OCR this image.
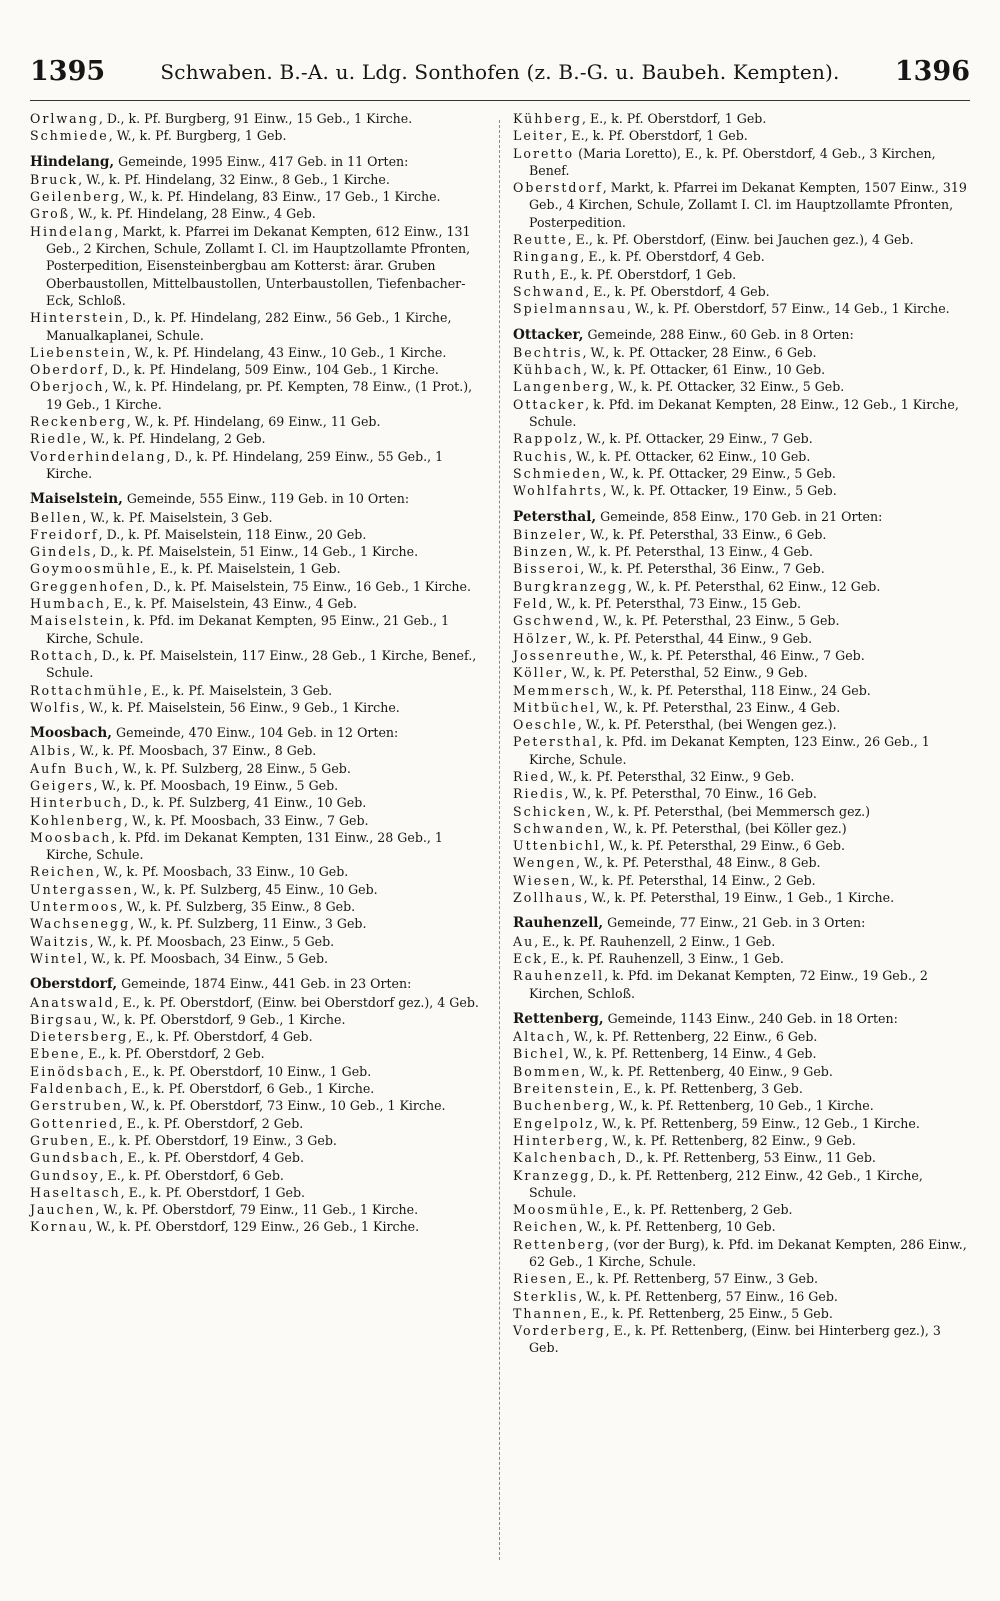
1395	Schwaben. B.-A. u. Ldg. Sonthofen (z. B.-G. u. Baubeh. Kempten).	1396

Orlwang, D., k. Pf. Burgberg, 91 Einw., 15 Geb., 1 Kirche.

Schmiede, W., k. Pf. Burgberg, 1 Geb.

Hindelang, Gemeinde, 1995 Einw., 417 Geb. in 11 Orten:

Bruck, W., k. Pf. Hindelang, 32 Einw., 8 Geb., 1 Kirche.

Geilenberg, W., k. Pf. Hindelang, 83 Einw., 17 Geb., 1 Kirche.

Groß, W., k. Pf. Hindelang, 28 Einw., 4 Geb.

Hindelang, Markt, k. Pfarrei im Dekanat Kempten, 612 Einw., 131 Geb., 2 Kirchen, Schule, Zollamt I. Cl. im Hauptzollamte Pfronten, Posterpedition, Eisensteinbergbau am Kotterst: ärar. Gruben Oberbaustollen, Mittelbaustollen, Unterbaustollen, Tiefenbacher-Eck, Schloß.

Hinterstein, D., k. Pf. Hindelang, 282 Einw., 56 Geb., 1 Kirche, Manualkaplanei, Schule.

Liebenstein, W., k. Pf. Hindelang, 43 Einw., 10 Geb., 1 Kirche.

Oberdorf, D., k. Pf. Hindelang, 509 Einw., 104 Geb., 1 Kirche.

Oberjoch, W., k. Pf. Hindelang, pr. Pf. Kempten, 78 Einw., (1 Prot.), 19 Geb., 1 Kirche.

Reckenberg, W., k. Pf. Hindelang, 69 Einw., 11 Geb.

Riedle, W., k. Pf. Hindelang, 2 Geb.

Vorderhindelang, D., k. Pf. Hindelang, 259 Einw., 55 Geb., 1 Kirche.

Maiselstein, Gemeinde, 555 Einw., 119 Geb. in 10 Orten:

Bellen, W., k. Pf. Maiselstein, 3 Geb.

Freidorf, D., k. Pf. Maiselstein, 118 Einw., 20 Geb.

Gindels, D., k. Pf. Maiselstein, 51 Einw., 14 Geb., 1 Kirche.

Goymoosmühle, E., k. Pf. Maiselstein, 1 Geb.

Greggenhofen, D., k. Pf. Maiselstein, 75 Einw., 16 Geb., 1 Kirche.

Humbach, E., k. Pf. Maiselstein, 43 Einw., 4 Geb.

Maiselstein, k. Pfd. im Dekanat Kempten, 95 Einw., 21 Geb., 1 Kirche, Schule.

Rottach, D., k. Pf. Maiselstein, 117 Einw., 28 Geb., 1 Kirche, Benef., Schule.

Rottachmühle, E., k. Pf. Maiselstein, 3 Geb.

Wolfis, W., k. Pf. Maiselstein, 56 Einw., 9 Geb., 1 Kirche.

Moosbach, Gemeinde, 470 Einw., 104 Geb. in 12 Orten:

Albis, W., k. Pf. Moosbach, 37 Einw., 8 Geb.

Aufn Buch, W., k. Pf. Sulzberg, 28 Einw., 5 Geb.

Geigers, W., k. Pf. Moosbach, 19 Einw., 5 Geb.

Hinterbuch, D., k. Pf. Sulzberg, 41 Einw., 10 Geb.

Kohlenberg, W., k. Pf. Moosbach, 33 Einw., 7 Geb.

Moosbach, k. Pfd. im Dekanat Kempten, 131 Einw., 28 Geb., 1 Kirche, Schule.

Reichen, W., k. Pf. Moosbach, 33 Einw., 10 Geb.

Untergassen, W., k. Pf. Sulzberg, 45 Einw., 10 Geb.

Untermoos, W., k. Pf. Sulzberg, 35 Einw., 8 Geb.

Wachsenegg, W., k. Pf. Sulzberg, 11 Einw., 3 Geb.

Waitzis, W., k. Pf. Moosbach, 23 Einw., 5 Geb.

Wintel, W., k. Pf. Moosbach, 34 Einw., 5 Geb.

Oberstdorf, Gemeinde, 1874 Einw., 441 Geb. in 23 Orten:

Anatswald, E., k. Pf. Oberstdorf, (Einw. bei Oberstdorf gez.), 4 Geb.

Birgsau, W., k. Pf. Oberstdorf, 9 Geb., 1 Kirche.

Dietersberg, E., k. Pf. Oberstdorf, 4 Geb.

Ebene, E., k. Pf. Oberstdorf, 2 Geb.

Einödsbach, E., k. Pf. Oberstdorf, 10 Einw., 1 Geb.

Faldenbach, E., k. Pf. Oberstdorf, 6 Geb., 1 Kirche.

Gerstruben, W., k. Pf. Oberstdorf, 73 Einw., 10 Geb., 1 Kirche.

Gottenried, E., k. Pf. Oberstdorf, 2 Geb.

Gruben, E., k. Pf. Oberstdorf, 19 Einw., 3 Geb.

Gundsbach, E., k. Pf. Oberstdorf, 4 Geb.

Gundsoy, E., k. Pf. Oberstdorf, 6 Geb.

Haseltasch, E., k. Pf. Oberstdorf, 1 Geb.

Jauchen, W., k. Pf. Oberstdorf, 79 Einw., 11 Geb., 1 Kirche.

Kornau, W., k. Pf. Oberstdorf, 129 Einw., 26 Geb., 1 Kirche.

Kühberg, E., k. Pf. Oberstdorf, 1 Geb.

Leiter, E., k. Pf. Oberstdorf, 1 Geb.

Loretto (Maria Loretto), E., k. Pf. Oberstdorf, 4 Geb., 3 Kirchen, Benef.

Oberstdorf, Markt, k. Pfarrei im Dekanat Kempten, 1507 Einw., 319 Geb., 4 Kirchen, Schule, Zollamt I. Cl. im Hauptzollamte Pfronten, Posterpedition.

Reutte, E., k. Pf. Oberstdorf, (Einw. bei Jauchen gez.), 4 Geb.

Ringang, E., k. Pf. Oberstdorf, 4 Geb.

Ruth, E., k. Pf. Oberstdorf, 1 Geb.

Schwand, E., k. Pf. Oberstdorf, 4 Geb.

Spielmannsau, W., k. Pf. Oberstdorf, 57 Einw., 14 Geb., 1 Kirche.

Ottacker, Gemeinde, 288 Einw., 60 Geb. in 8 Orten:

Bechtris, W., k. Pf. Ottacker, 28 Einw., 6 Geb.

Kühbach, W., k. Pf. Ottacker, 61 Einw., 10 Geb.

Langenberg, W., k. Pf. Ottacker, 32 Einw., 5 Geb.

Ottacker, k. Pfd. im Dekanat Kempten, 28 Einw., 12 Geb., 1 Kirche, Schule.

Rappolz, W., k. Pf. Ottacker, 29 Einw., 7 Geb.

Ruchis, W., k. Pf. Ottacker, 62 Einw., 10 Geb.

Schmieden, W., k. Pf. Ottacker, 29 Einw., 5 Geb.

Wohlfahrts, W., k. Pf. Ottacker, 19 Einw., 5 Geb.

Petersthal, Gemeinde, 858 Einw., 170 Geb. in 21 Orten:

Binzeler, W., k. Pf. Petersthal, 33 Einw., 6 Geb.

Binzen, W., k. Pf. Petersthal, 13 Einw., 4 Geb.

Bisseroi, W., k. Pf. Petersthal, 36 Einw., 7 Geb.

Burgkranzegg, W., k. Pf. Petersthal, 62 Einw., 12 Geb.

Feld, W., k. Pf. Petersthal, 73 Einw., 15 Geb.

Gschwend, W., k. Pf. Petersthal, 23 Einw., 5 Geb.

Hölzer, W., k. Pf. Petersthal, 44 Einw., 9 Geb.

Jossenreuthe, W., k. Pf. Petersthal, 46 Einw., 7 Geb.

Köller, W., k. Pf. Petersthal, 52 Einw., 9 Geb.

Memmersch, W., k. Pf. Petersthal, 118 Einw., 24 Geb.

Mitbüchel, W., k. Pf. Petersthal, 23 Einw., 4 Geb.

Oeschle, W., k. Pf. Petersthal, (bei Wengen gez.).

Petersthal, k. Pfd. im Dekanat Kempten, 123 Einw., 26 Geb., 1 Kirche, Schule.

Ried, W., k. Pf. Petersthal, 32 Einw., 9 Geb.

Riedis, W., k. Pf. Petersthal, 70 Einw., 16 Geb.

Schicken, W., k. Pf. Petersthal, (bei Memmersch gez.)

Schwanden, W., k. Pf. Petersthal, (bei Köller gez.)

Uttenbichl, W., k. Pf. Petersthal, 29 Einw., 6 Geb.

Wengen, W., k. Pf. Petersthal, 48 Einw., 8 Geb.

Wiesen, W., k. Pf. Petersthal, 14 Einw., 2 Geb.

Zollhaus, W., k. Pf. Petersthal, 19 Einw., 1 Geb., 1 Kirche.

Rauhenzell, Gemeinde, 77 Einw., 21 Geb. in 3 Orten:

Au, E., k. Pf. Rauhenzell, 2 Einw., 1 Geb.

Eck, E., k. Pf. Rauhenzell, 3 Einw., 1 Geb.

Rauhenzell, k. Pfd. im Dekanat Kempten, 72 Einw., 19 Geb., 2 Kirchen, Schloß.

Rettenberg, Gemeinde, 1143 Einw., 240 Geb. in 18 Orten:

Altach, W., k. Pf. Rettenberg, 22 Einw., 6 Geb.

Bichel, W., k. Pf. Rettenberg, 14 Einw., 4 Geb.

Bommen, W., k. Pf. Rettenberg, 40 Einw., 9 Geb.

Breitenstein, E., k. Pf. Rettenberg, 3 Geb.

Buchenberg, W., k. Pf. Rettenberg, 10 Geb., 1 Kirche.

Engelpolz, W., k. Pf. Rettenberg, 59 Einw., 12 Geb., 1 Kirche.

Hinterberg, W., k. Pf. Rettenberg, 82 Einw., 9 Geb.

Kalchenbach, D., k. Pf. Rettenberg, 53 Einw., 11 Geb.

Kranzegg, D., k. Pf. Rettenberg, 212 Einw., 42 Geb., 1 Kirche, Schule.

Moosmühle, E., k. Pf. Rettenberg, 2 Geb.

Reichen, W., k. Pf. Rettenberg, 10 Geb.

Rettenberg, (vor der Burg), k. Pfd. im Dekanat Kempten, 286 Einw., 62 Geb., 1 Kirche, Schule.

Riesen, E., k. Pf. Rettenberg, 57 Einw., 3 Geb.

Sterklis, W., k. Pf. Rettenberg, 57 Einw., 16 Geb.

Thannen, E., k. Pf. Rettenberg, 25 Einw., 5 Geb.

Vorderberg, E., k. Pf. Rettenberg, (Einw. bei Hinterberg gez.), 3 Geb.
